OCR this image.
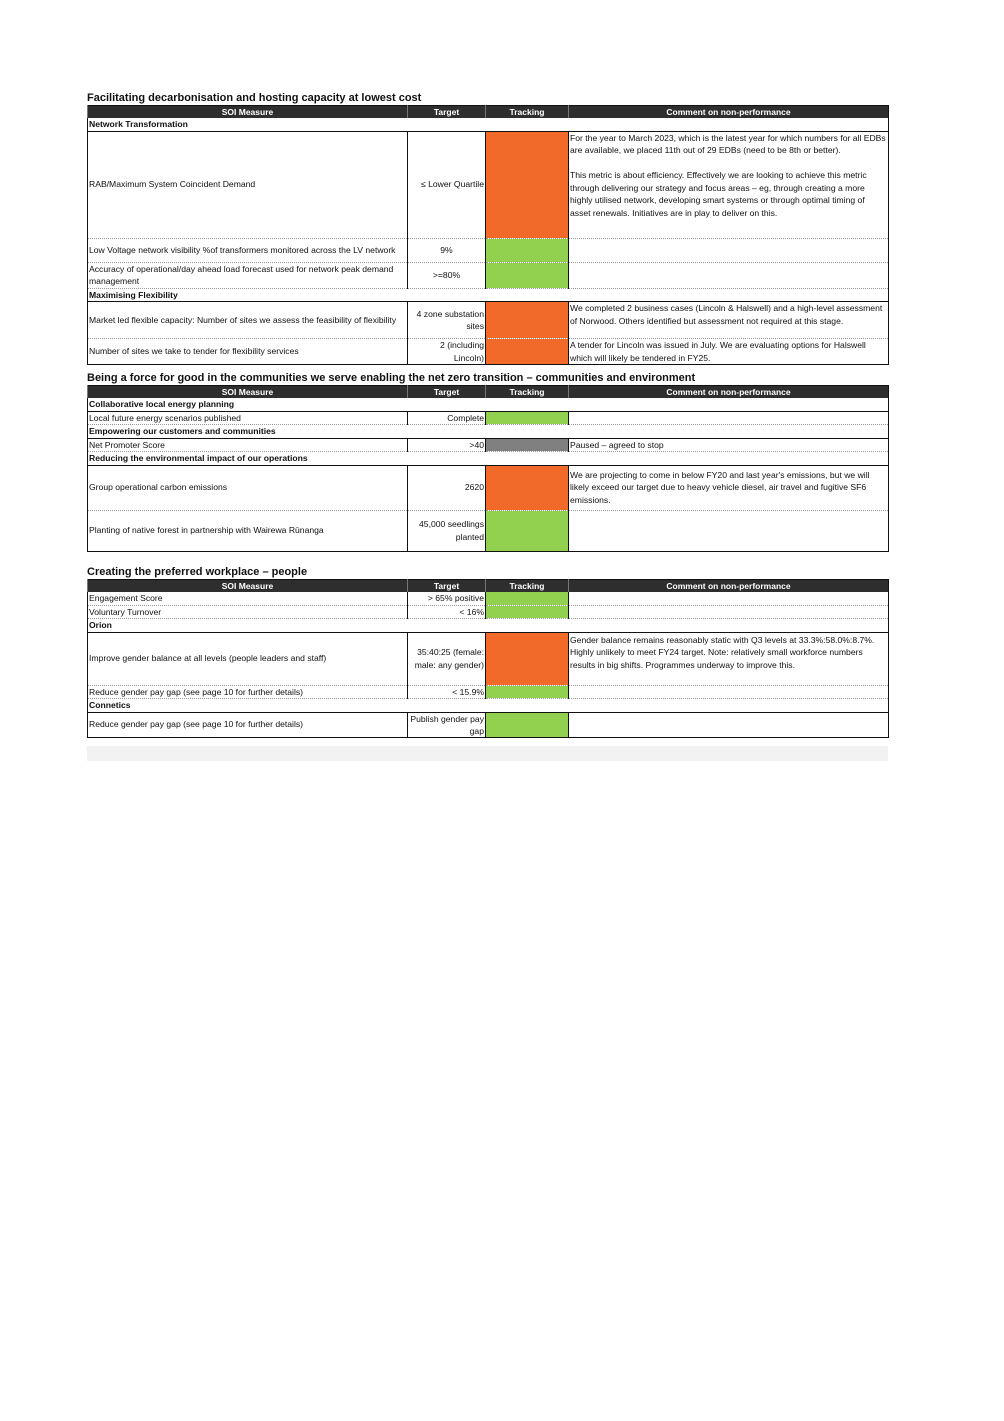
Facilitating decarbonisation and hosting capacity at lowest cost
SOI Measure	Target	Tracking	Comment on non-performance
Network Transformation			
RAB/Maximum System Coincident Demand	≤ Lower Quartile		For the year to March 2023, which is the latest year for which numbers for all EDBs are available, we placed 11th out of 29 EDBs (need to be 8th or better).
This metric is about efficiency. Effectively we are looking to achieve this metric through delivering our strategy and focus areas – eg, through creating a more highly utilised network, developing smart systems or through optimal timing of asset renewals. Initiatives are in play to deliver on this.

Low Voltage network visibility %of transformers monitored across the LV network	9%		
Accuracy of operational/day ahead load forecast used for network peak demand management	>=80%		
Maximising Flexibility			
Market led flexible capacity: Number of sites we assess the feasibility of flexibility	4 zone substation sites		We completed 2 business cases (Lincoln & Halswell) and a high-level assessment of Norwood. Others identified but assessment not required at this stage.

Number of sites we take to tender for flexibility services	2 (including Lincoln)		A tender for Lincoln was issued in July. We are evaluating options for Halswell which will likely be tendered in FY25.
Being a force for good in the communities we serve enabling the net zero transition – communities and environment
SOI Measure	Target	Tracking	Comment on non-performance
Collaborative local energy planning			
Local future energy scenarios published	Complete		
Empowering our customers and communities			
Net Promoter Score	>40		Paused – agreed to stop
Reducing the environmental impact of our operations			
Group operational carbon emissions	2620		We are projecting to come in below FY20 and last year's emissions, but we will likely exceed our target due to heavy vehicle diesel, air travel and fugitive SF6 emissions.

Planting of native forest in partnership with Wairewa Rūnanga	45,000 seedlings planted		
Creating the preferred workplace – people
SOI Measure	Target	Tracking	Comment on non-performance
Engagement Score	> 65% positive		
Voluntary Turnover	< 16%		
Orion			
Improve gender balance at all levels (people leaders and staff)	35:40:25 (female: male: any gender)		Gender balance remains reasonably static with Q3 levels at 33.3%:58.0%:8.7%. Highly unlikely to meet FY24 target. Note: relatively small workforce numbers results in big shifts. Programmes underway to improve this.

Reduce gender pay gap (see page 10 for further details)	< 15.9%		
Connetics			
Reduce gender pay gap (see page 10 for further details)	Publish gender pay gap		
